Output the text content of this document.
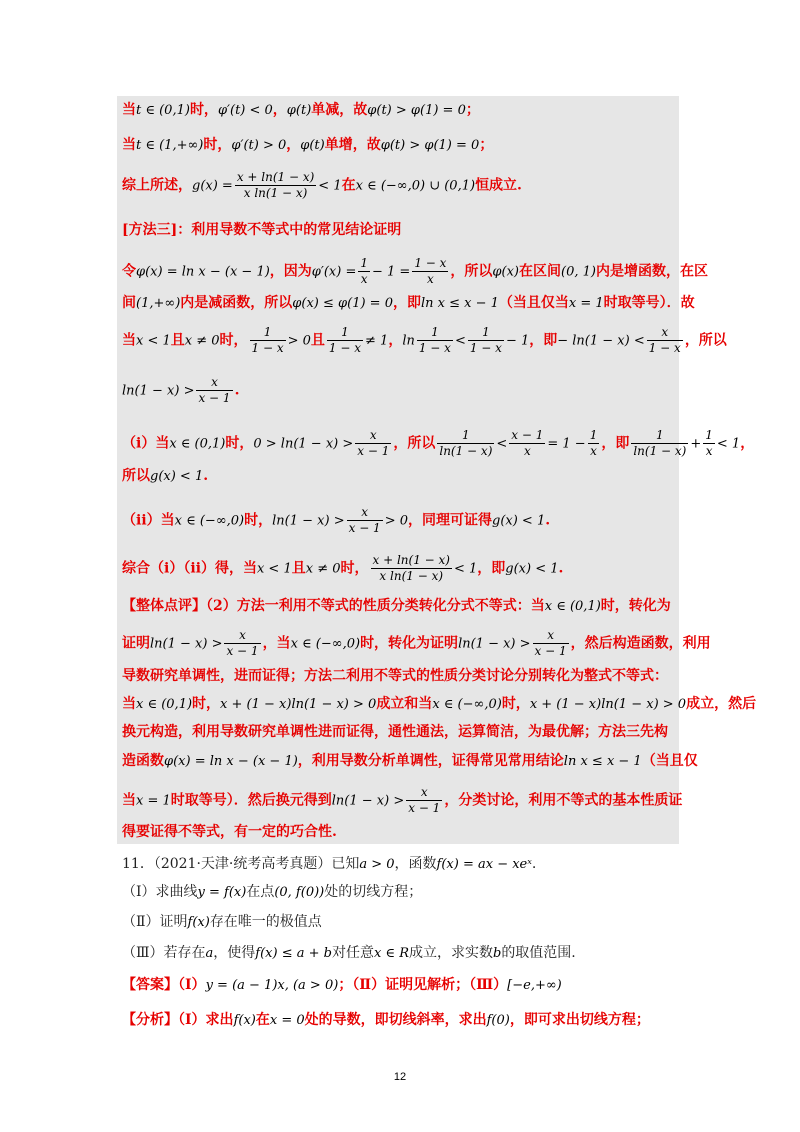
当t ∈ (0,1)时，φ′(t) < 0，φ(t)单减，故φ(t) > φ(1) = 0；
当t ∈ (1,+∞)时，φ′(t) > 0，φ(t)单增，故φ(t) > φ(1) = 0；
综上所述，$g(x) = \frac{x + \ln(1 - x)}{\text{x ln(1 − x)}} < 1$在x ∈ (−∞,0) ∪ (0,1)恒成立.
[方法三]：利用导数不等式中的常见结论证明
令φ(x) = ln x − (x − 1)，因为$\varphi'(x) = \frac{1}{x} - 1 = \frac{1 - x}{x}$ ，所以φ(x)在区间(0, 1)内是增函数，在区
间(1,+∞)内是减函数，所以φ(x) ≤ φ(1) = 0，即ln x ≤ x − 1（当且仅当x = 1时取等号）．故
当x < 1且x ≠ 0时， $\frac{1}{1 - x} > 0$且 $\frac{1}{1 - x} \ne 1$，$\ln \frac{1}{1 - x} < \frac{1}{1 - x} - 1$，即− $\ln(1 - x) < \frac{x}{1 - x}$ ，所以
$\ln(1 - x) > \frac{x}{x - 1}$ .
（ⅰ）当x ∈ (0,1)时，$0 > \ln(1 - x) > \frac{x}{x - 1}$ ，所以 $\frac{1}{\ln(1 - x)} < \frac{x - 1}{x} = 1 - \frac{1}{x}$ ，即 $\frac{1}{\ln(1 - x)} + \frac{1}{x} < 1$，
所以g(x) < 1.
（ⅱ）当x ∈ (−∞,0)时，$\ln(1 - x) > \frac{x}{x - 1} > 0$，同理可证得g(x) < 1.
综合（ⅰ）（ⅱ）得，当x < 1且x ≠ 0时， $\frac{x + \ln(1 - x)}{\text{x ln(1 − x)}} < 1$，即g(x) < 1.
【整体点评】（2）方法一利用不等式的性质分类转化分式不等式：当x ∈ (0,1)时，转化为
证明$\ln(1 - x) > \frac{x}{x - 1}$ ，当x ∈ (−∞,0)时，转化为证明$\ln(1 - x) > \frac{x}{x - 1}$ ，然后构造函数，利用
导数研究单调性，进而证得；方法二利用不等式的性质分类讨论分别转化为整式不等式：
当x ∈ (0,1)时，x + (1 − x)ln(1 − x) > 0成立和当x ∈ (−∞,0)时，x + (1 − x)ln(1 − x) > 0成立，然后
换元构造，利用导数研究单调性进而证得，通性通法，运算简洁，为最优解；方法三先构
造函数φ(x) = ln x − (x − 1)，利用导数分析单调性，证得常见常用结论ln x ≤ x − 1（当且仅
当x = 1时取等号）．然后换元得到$\ln(1 - x) > \frac{x}{x - 1}$ ，分类讨论，利用不等式的基本性质证
得要证得不等式，有一定的巧合性.
11．（2021·天津·统考高考真题）已知a > 0，函数f(x) = ax − xeˣ.
（Ⅰ）求曲线y = f(x)在点(0, f(0))处的切线方程；
（Ⅱ）证明f(x)存在唯一的极值点
（Ⅲ）若存在a，使得f(x) ≤ a + b对任意x ∈ R成立，求实数b的取值范围.
【答案】（Ⅰ）y = (a − 1)x, (a > 0)；（Ⅱ）证明见解析；（Ⅲ）[−e,+∞)
【分析】（Ⅰ）求出f(x)在x = 0处的导数，即切线斜率，求出f(0)，即可求出切线方程；
12
